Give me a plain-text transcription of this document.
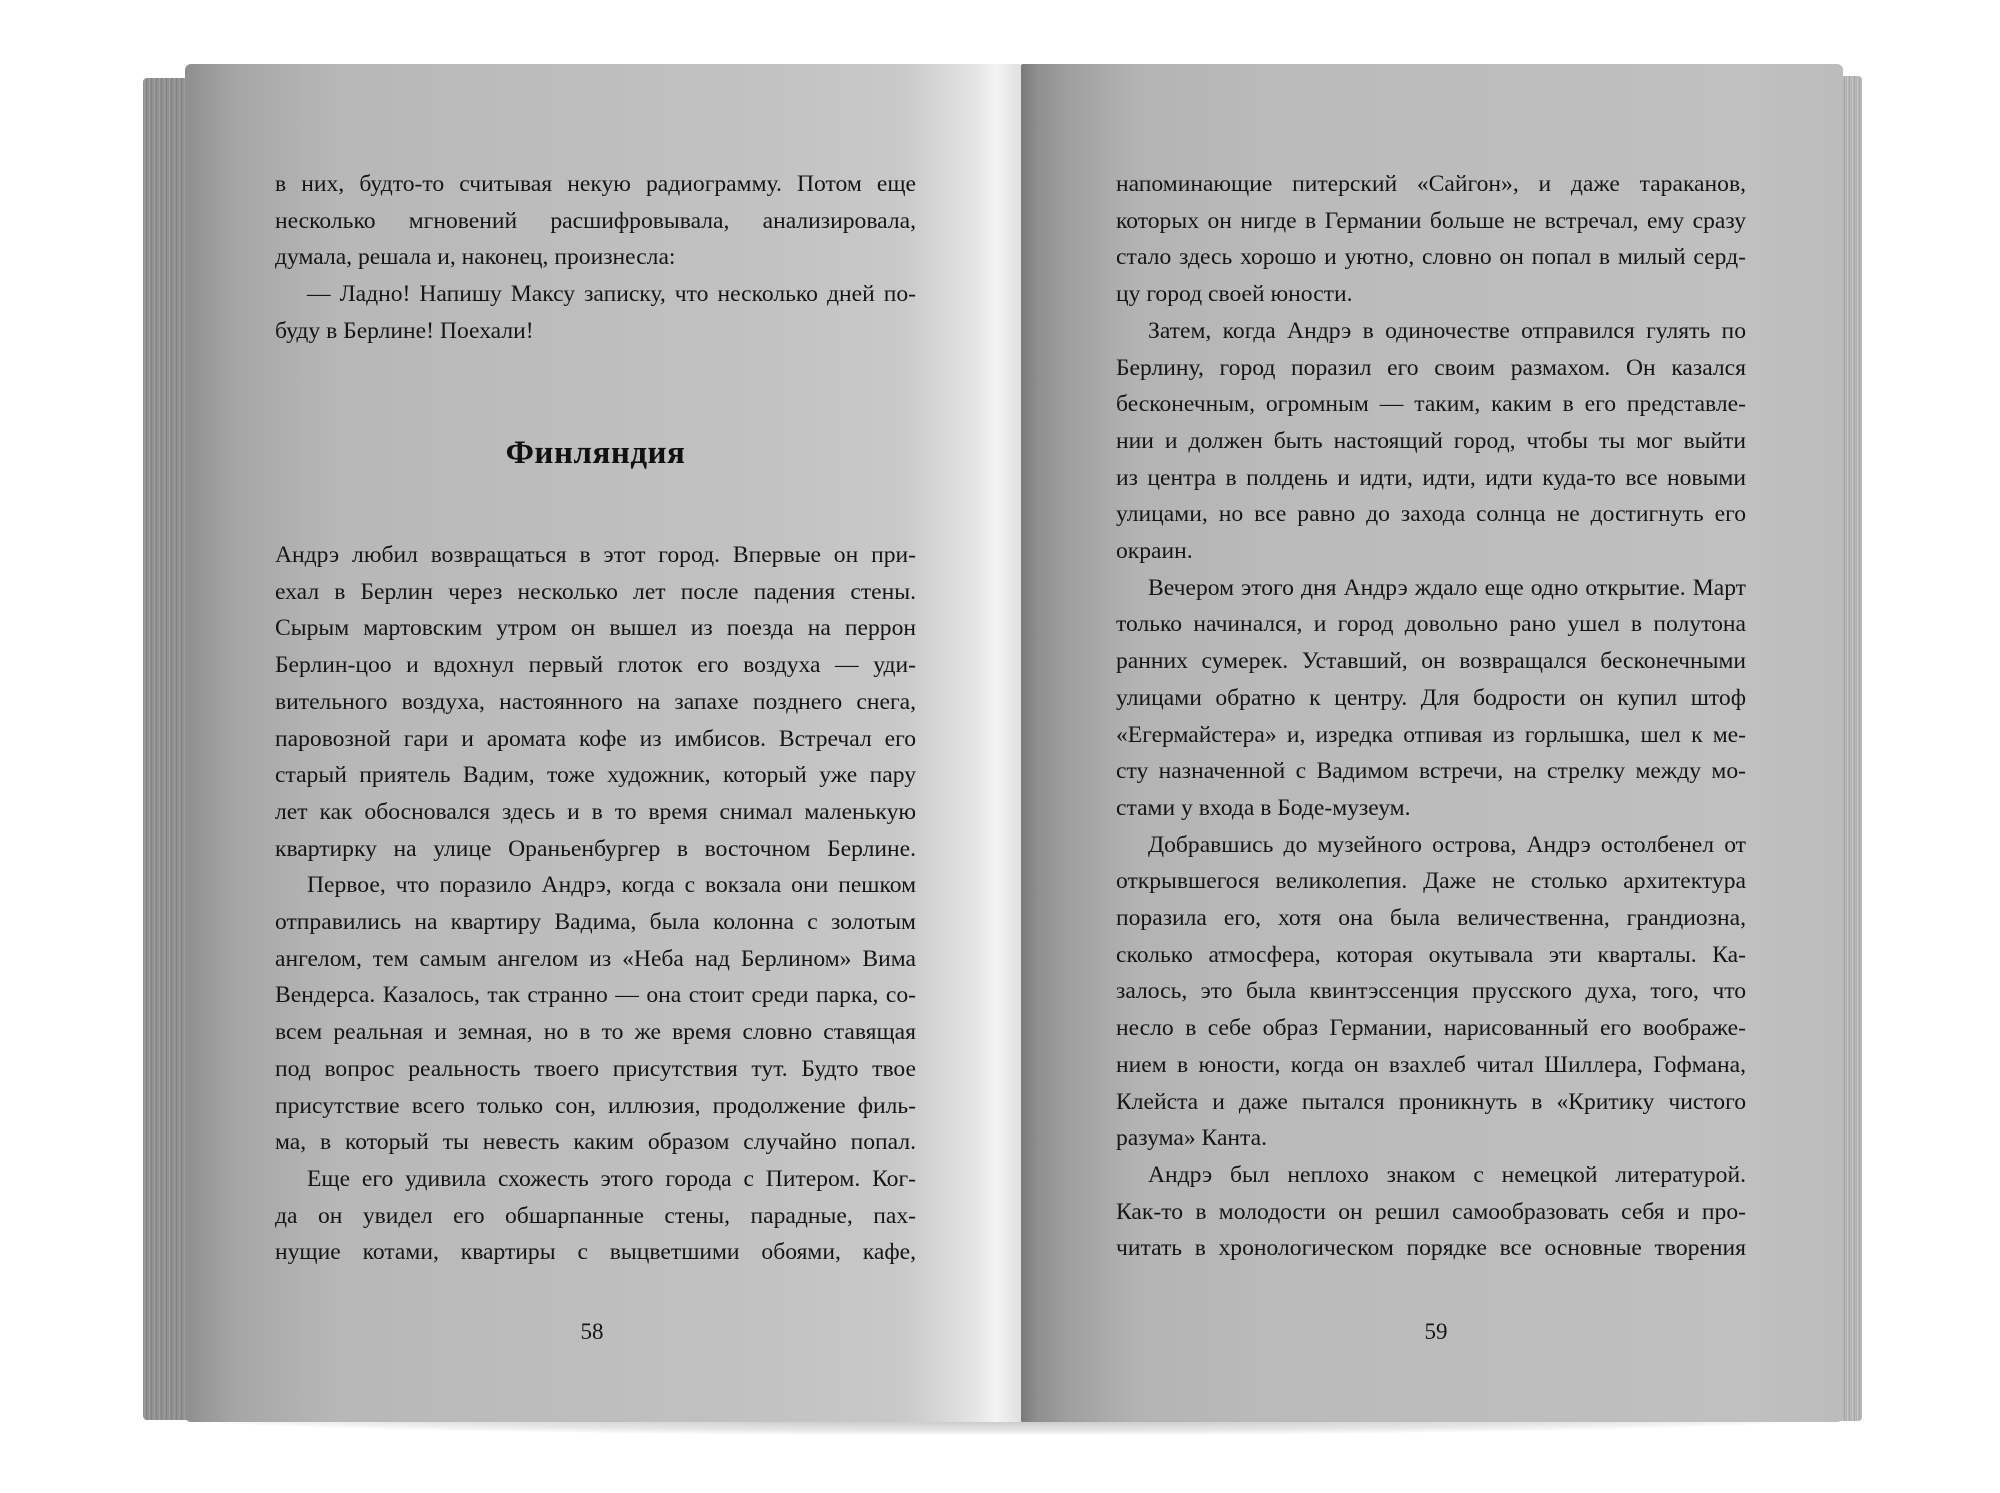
в них, будто-то считывая некую радиограмму. Потом еще
несколько мгновений расшифровывала, анализировала,
думала, решала и, наконец, произнесла:
— Ладно! Напишу Максу записку, что несколько дней по-
буду в Берлине! Поехали!
Финляндия
Андрэ любил возвращаться в этот город. Впервые он при-
ехал в Берлин через несколько лет после падения стены.
Сырым мартовским утром он вышел из поезда на перрон
Берлин-цоо и вдохнул первый глоток его воздуха — уди-
вительного воздуха, настоянного на запахе позднего снега,
паровозной гари и аромата кофе из имбисов. Встречал его
старый приятель Вадим, тоже художник, который уже пару
лет как обосновался здесь и в то время снимал маленькую
квартирку на улице Ораньенбургер в восточном Берлине.
Первое, что поразило Андрэ, когда с вокзала они пешком
отправились на квартиру Вадима, была колонна с золотым
ангелом, тем самым ангелом из «Неба над Берлином» Вима
Вендерса. Казалось, так странно — она стоит среди парка, со-
всем реальная и земная, но в то же время словно ставящая
под вопрос реальность твоего присутствия тут. Будто твое
присутствие всего только сон, иллюзия, продолжение филь-
ма, в который ты невесть каким образом случайно попал.
Еще его удивила схожесть этого города с Питером. Ког-
да он увидел его обшарпанные стены, парадные, пах-
нущие котами, квартиры с выцветшими обоями, кафе,
58
напоминающие питерский «Сайгон», и даже тараканов,
которых он нигде в Германии больше не встречал, ему сразу
стало здесь хорошо и уютно, словно он попал в милый серд-
цу город своей юности.
Затем, когда Андрэ в одиночестве отправился гулять по
Берлину, город поразил его своим размахом. Он казался
бесконечным, огромным — таким, каким в его представле-
нии и должен быть настоящий город, чтобы ты мог выйти
из центра в полдень и идти, идти, идти куда-то все новыми
улицами, но все равно до захода солнца не достигнуть его
окраин.
Вечером этого дня Андрэ ждало еще одно открытие. Март
только начинался, и город довольно рано ушел в полутона
ранних сумерек. Уставший, он возвращался бесконечными
улицами обратно к центру. Для бодрости он купил штоф
«Егермайстера» и, изредка отпивая из горлышка, шел к ме-
сту назначенной с Вадимом встречи, на стрелку между мо-
стами у входа в Боде-музеум.
Добравшись до музейного острова, Андрэ остолбенел от
открывшегося великолепия. Даже не столько архитектура
поразила его, хотя она была величественна, грандиозна,
сколько атмосфера, которая окутывала эти кварталы. Ка-
залось, это была квинтэссенция прусского духа, того, что
несло в себе образ Германии, нарисованный его воображе-
нием в юности, когда он взахлеб читал Шиллера, Гофмана,
Клейста и даже пытался проникнуть в «Критику чистого
разума» Канта.
Андрэ был неплохо знаком с немецкой литературой.
Как-то в молодости он решил самообразовать себя и про-
читать в хронологическом порядке все основные творения
59
